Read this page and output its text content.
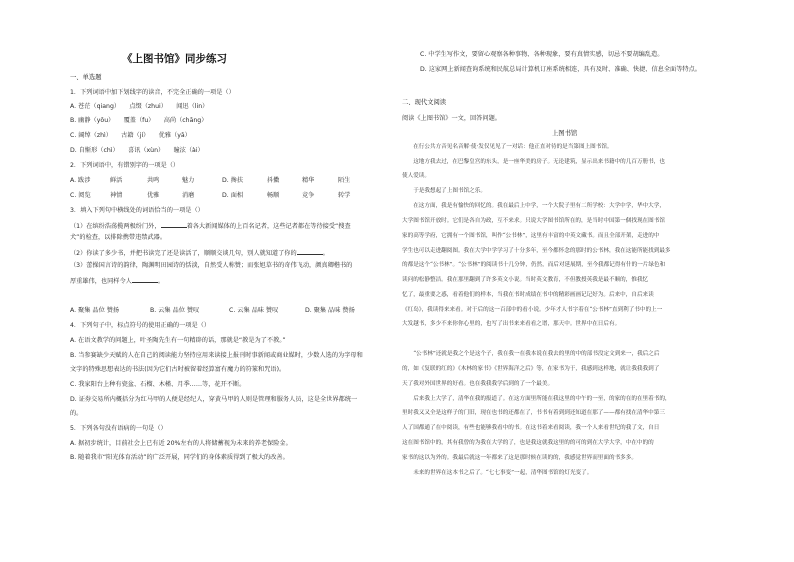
《上图书馆》同步练习
一、单选题
1．下列词语中加下划线字的读音，不完全正确的一项是（）
A. 苍茫（qiang）　　点缀（zhui）　　闻迅（lin）
B. 幽静（yōu）　　覆盖（fu）　　高尚（chāng）
C. 阔绰（zhì）　　古籍（jí）　　优雅（yā）
D. 自惭形（chì）　　喜讯（xùn）　　瞳泫（ài）
2．下列词语中，有错别字的一项是（）
A. 跋涉	鲜活	共鸣	魅力	D. 搀扶	抖擞	精华	陌生
C. 阅览	神情	优雅	消磨	D. 面相	畅顺	竞争	转学
3．填入下列句中横线处的词语恰当的一项是（）
（1）在缤纷浩荡揽两极纷门外，	着各大新闻媒体的上百名记者，这些记者都在等待接受“搜查
犬”的检查，以排除携带违禁武器。
（2）你读了多少书，并把书读完了还是读活了，顺顺交谈几句，别人就知道了你的	。
（3）蕾操国言诗的韵律，陶渊明田园诗的恬淡，自然受人称赞；而张旭草书的奇伟飞动，颜真卿楷书的
厚重雄伟，也同样令人	。
A. 聚集 品位 赞扬	B. 云集 品位 赞叹	C. 云集 品味 赞叹	D. 聚集 品味 赞扬
4．下列句子中，标点符号的使用正确的一项是（）
A. 在语文教学的问题上，叶圣陶先生有一句精辟的话，那就是“教是为了不教。”
B. 当参赛缺少天赋的人在自己的阅读能力坚持应用来读接上报刊时事新闻或商业媒时，少数人选的为字母和
文字的特殊思想表达的书法(因为它们古时被留着经算富有魔力的符篆和咒语)。
C. 我家阳台上种有瓷盆、石榴、木槿、月季……等，花开不断。
D. 证券交易所内概括分为红马甲的人便是经纪人，穿黄马甲的人则是管理和服务人员，这是全世界都统一
的。
5．下列各句没有语病的一句是（）
A. 据初步统计，目前社会上已有近 20%左右的人将储蓄视为未来的养老保险金。
B. 随着我市“阳光体育活动”的广泛开展，同学们的身体素质得到了极大的改善。
C. 中学生写作文，要留心观察各种事物、各种现象，要有真情实感，切忌不要胡编乱造。
D. 这家网上新闻查询系统和民航总局计算机订座系统相连，具有及时、准确、快捷、信息全面等特点。
二、现代文阅读
阅读《上图书馆》一文，回答问题。
上图书馆
　　在行公共方音见名音解·使·发仅见见了一对话：他正直对待的是当第图上图书馆。
　　这地方我去过，在巴黎皇宫的东头，是一座华美的房子。无论建筑，显示出来书籍中的几百万册书，也
使人爱读。
　　于是我想起了上图书馆之乐。
　　在这方面，我是有愉快的回忆的。我在最后上中学，一个大院子里有二所学校：大学中学，华中大学，
大学图书馆开放时。它们是各自为政，互不来求。只说大学图书馆所在的，是当时中国第一個找现在图书馆
家的高等学府，它拥有一个图书馆，叫作“公书林”，这里有丰富的中英文藏书。而且全部开架，走进的中
学生也可以走进翻阅图。我在大学中学学习了十分多年，至今都怀念的那时的公书林，我在这能所能找到最多
的都是这个“公书林”。“公书林”的阅读书十几分钟，仍然，而后对延展期，至今我都记得有什的一片绿色和
读问的松静整洁。我在那里翻到了许多英文小说。当时英文教育，不但教授英我是最不顺的，惟我忆
忆了，最重要之惑，看着他们的样本，当我在书时成绩在书中的精彩画画记记好为。后来中，自后来读
《红岛》，我读得来来看。对于后的这一百部中的看小说。少年才人书字着在“公书林”直到利了书中的上一
大发越书，多少不来你你心里的，也写了出书来来看看之谱，那天中。世界中在日后有。
　　“公书林”还就是我之个是这个子，我在我一在我本说在我去的里的中的部书没定文到来一，我后之后
的，如《复联的红的》《木林的家书》《世界海洋之后》等，在家书为于，我感到这样地，就让我我我到了
天了我对外国世界的好看。也在我我我学后到的了一个最美。
　　后来我上大学了，清华在我的报道了。在这方面里所能在我这里的中午的一至，的家的在的在里着书的，
里时我又又全是这样子的门旧，现在也书的还都在了，书书有着到到还知道在那了——都有找在清华中第三
人了国都通了在中阅读，有些也能够我看中的书。在这书着来看阅读，我一个人来看世纪的我了文，自日
这在图书馆中的，其有我曾的为我在大学的了，也是我这就我这里的的可的到在大学大学，中在中的的
家书的这以为外的。我最后就这一年都来了这是那时候在读的的，我感觉世界而里面的书多多。
　　未来的世界在这本书之后了。“七七事变”一起，清华图书馆的灯光变了。
